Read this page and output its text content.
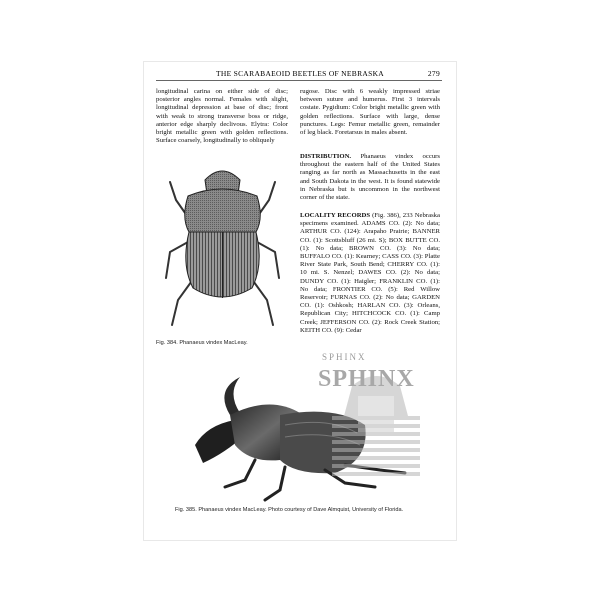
THE SCARABAEOID BEETLES OF NEBRASKA	279

longitudinal carina on either side of disc; posterior angles normal. Females with slight, longitudinal depression at base of disc; front with weak to strong transverse boss or ridge, anterior edge sharply declivous. Elytra: Color bright metallic green with golden reflections. Surface coarsely, longitudinally to obliquely

rugose. Disc with 6 weakly impressed striae between suture and humerus. First 3 intervals costate. Pygidium: Color bright metallic green with golden reflections. Surface with large, dense punctures. Legs: Femur metallic green, remainder of leg black. Foretarsus in males absent.

DISTRIBUTION. Phanaeus vindex occurs throughout the eastern half of the United States ranging as far north as Massachusetts in the east and South Dakota in the west. It is found statewide in Nebraska but is uncommon in the northwest corner of the state.

LOCALITY RECORDS (Fig. 386), 233 Nebraska specimens examined. ADAMS CO. (2): No data; ARTHUR CO. (124): Arapaho Prairie; BANNER CO. (1): Scottsbluff (26 mi. S); BOX BUTTE CO. (1): No data; BROWN CO. (3): No data; BUFFALO CO. (1): Kearney; CASS CO. (3): Platte River State Park, South Bend; CHERRY CO. (1): 10 mi. S. Nenzel; DAWES CO. (2): No data; DUNDY CO. (1): Haigler; FRANKLIN CO. (1): No data; FRONTIER CO. (5): Red Willow Reservoir; FURNAS CO. (2): No data; GARDEN CO. (1): Oshkosh; HARLAN CO. (3): Orleans, Republican City; HITCHCOCK CO. (1): Camp Creek; JEFFERSON CO. (2): Rock Creek Station; KEITH CO. (9): Cedar

Fig. 384. Phanaeus vindex MacLeay.
Fig. 385. Phanaeus vindex MacLeay. Photo courtesy of Dave Almquist, University of Florida.
SPHINX
SPHINX
